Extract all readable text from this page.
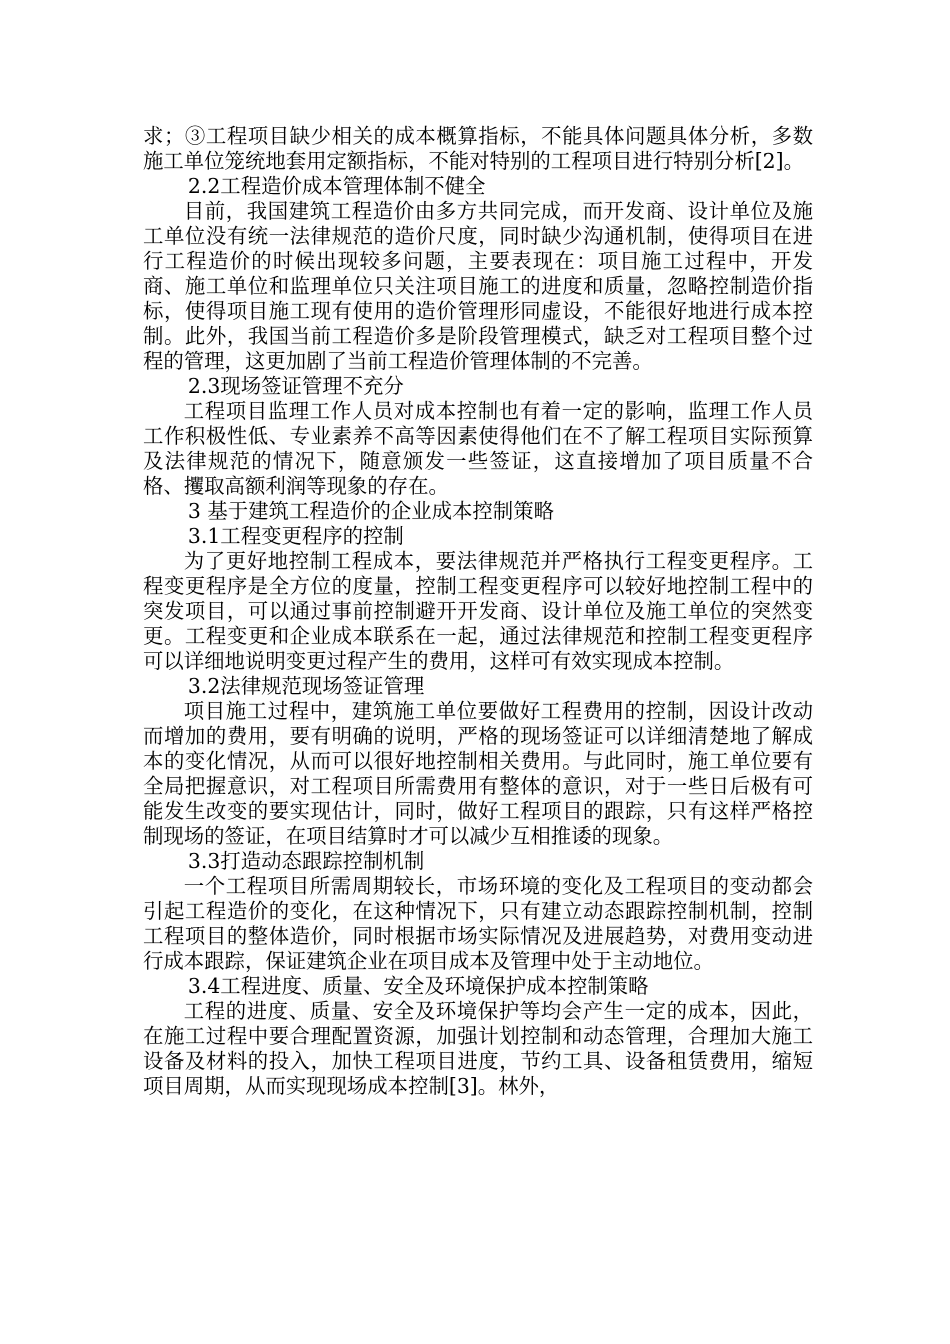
求；③工程项目缺少相关的成本概算指标，不能具体问题具体分析，多数施工单位笼统地套用定额指标，不能对特别的工程项目进行特别分析[2]。

2.2工程造价成本管理体制不健全

目前，我国建筑工程造价由多方共同完成，而开发商、设计单位及施工单位没有统一法律规范的造价尺度，同时缺少沟通机制，使得项目在进行工程造价的时候出现较多问题，主要表现在：项目施工过程中，开发商、施工单位和监理单位只关注项目施工的进度和质量，忽略控制造价指标，使得项目施工现有使用的造价管理形同虚设，不能很好地进行成本控制。此外，我国当前工程造价多是阶段管理模式，缺乏对工程项目整个过程的管理，这更加剧了当前工程造价管理体制的不完善。

2.3现场签证管理不充分

工程项目监理工作人员对成本控制也有着一定的影响，监理工作人员工作积极性低、专业素养不高等因素使得他们在不了解工程项目实际预算及法律规范的情况下，随意颁发一些签证，这直接增加了项目质量不合格、攫取高额利润等现象的存在。

3 基于建筑工程造价的企业成本控制策略

3.1工程变更程序的控制

为了更好地控制工程成本，要法律规范并严格执行工程变更程序。工程变更程序是全方位的度量，控制工程变更程序可以较好地控制工程中的突发项目，可以通过事前控制避开开发商、设计单位及施工单位的突然变更。工程变更和企业成本联系在一起，通过法律规范和控制工程变更程序可以详细地说明变更过程产生的费用，这样可有效实现成本控制。

3.2法律规范现场签证管理

项目施工过程中，建筑施工单位要做好工程费用的控制，因设计改动而增加的费用，要有明确的说明，严格的现场签证可以详细清楚地了解成本的变化情况，从而可以很好地控制相关费用。与此同时，施工单位要有全局把握意识，对工程项目所需费用有整体的意识，对于一些日后极有可能发生改变的要实现估计，同时，做好工程项目的跟踪，只有这样严格控制现场的签证，在项目结算时才可以减少互相推诿的现象。

3.3打造动态跟踪控制机制

一个工程项目所需周期较长，市场环境的变化及工程项目的变动都会引起工程造价的变化，在这种情况下，只有建立动态跟踪控制机制，控制工程项目的整体造价，同时根据市场实际情况及进展趋势，对费用变动进行成本跟踪，保证建筑企业在项目成本及管理中处于主动地位。

3.4工程进度、质量、安全及环境保护成本控制策略

工程的进度、质量、安全及环境保护等均会产生一定的成本，因此，在施工过程中要合理配置资源，加强计划控制和动态管理，合理加大施工设备及材料的投入，加快工程项目进度，节约工具、设备租赁费用，缩短项目周期，从而实现现场成本控制[3]。林外，
